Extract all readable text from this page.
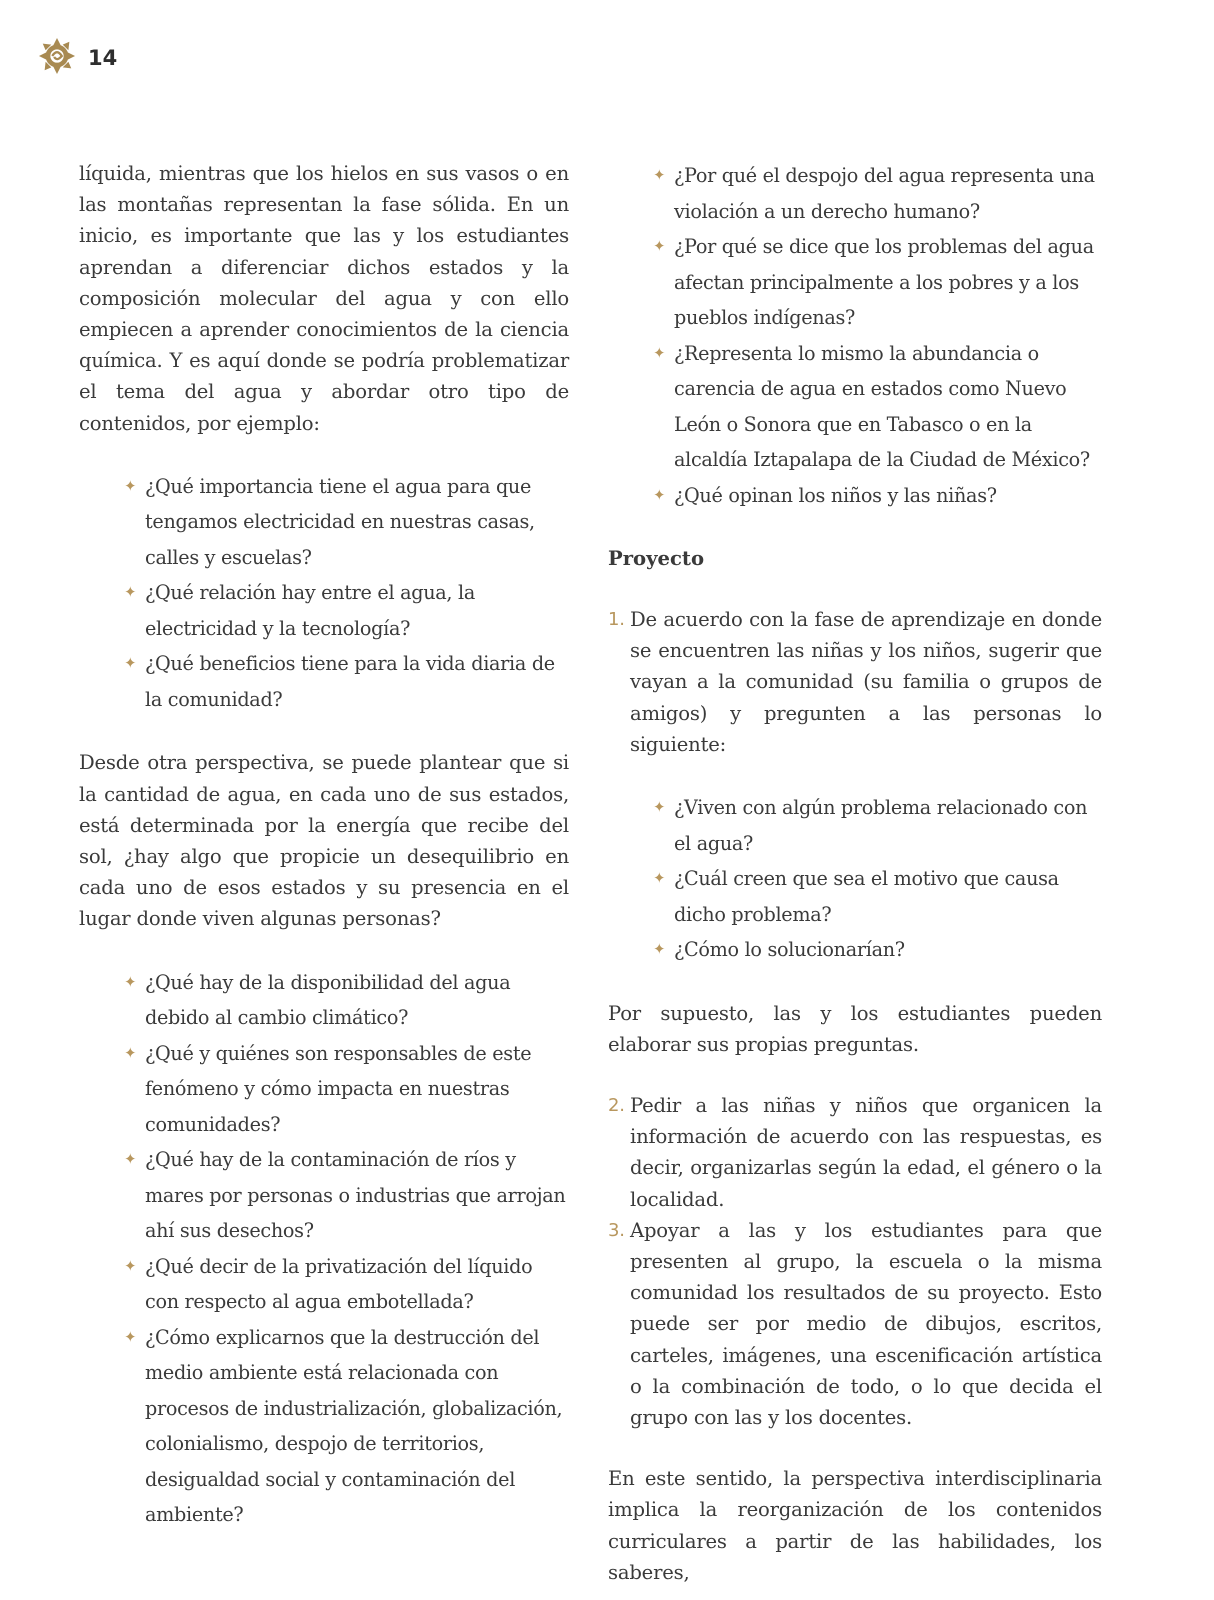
14

líquida, mientras que los hielos en sus vasos o en las montañas representan la fase sólida. En un inicio, es importante que las y los estudiantes aprendan a diferenciar dichos estados y la composición molecular del agua y con ello empiecen a aprender conocimientos de la ciencia química. Y es aquí donde se podría problematizar el tema del agua y abordar otro tipo de contenidos, por ejemplo:

✦ ¿Qué importancia tiene el agua para que tengamos electricidad en nuestras casas, calles y escuelas?
✦ ¿Qué relación hay entre el agua, la electricidad y la tecnología?
✦ ¿Qué beneficios tiene para la vida diaria de la comunidad?

Desde otra perspectiva, se puede plantear que si la cantidad de agua, en cada uno de sus estados, está determinada por la energía que recibe del sol, ¿hay algo que propicie un desequilibrio en cada uno de esos estados y su presencia en el lugar donde viven algunas personas?

✦ ¿Qué hay de la disponibilidad del agua debido al cambio climático?
✦ ¿Qué y quiénes son responsables de este fenómeno y cómo impacta en nuestras comunidades?
✦ ¿Qué hay de la contaminación de ríos y mares por personas o industrias que arrojan ahí sus desechos?
✦ ¿Qué decir de la privatización del líquido con respecto al agua embotellada?
✦ ¿Cómo explicarnos que la destrucción del medio ambiente está relacionada con procesos de industrialización, globalización, colonialismo, despojo de territorios, desigualdad social y contaminación del ambiente?
✦ ¿Por qué el despojo del agua representa una violación a un derecho humano?
✦ ¿Por qué se dice que los problemas del agua afectan principalmente a los pobres y a los pueblos indígenas?
✦ ¿Representa lo mismo la abundancia o carencia de agua en estados como Nuevo León o Sonora que en Tabasco o en la alcaldía Iztapalapa de la Ciudad de México?
✦ ¿Qué opinan los niños y las niñas?
Proyecto
1. De acuerdo con la fase de aprendizaje en donde se encuentren las niñas y los niños, sugerir que vayan a la comunidad (su familia o grupos de amigos) y pregunten a las personas lo siguiente:
✦ ¿Viven con algún problema relacionado con el agua?
✦ ¿Cuál creen que sea el motivo que causa dicho problema?
✦ ¿Cómo lo solucionarían?

Por supuesto, las y los estudiantes pueden elaborar sus propias preguntas.

2. Pedir a las niñas y niños que organicen la información de acuerdo con las respuestas, es decir, organizarlas según la edad, el género o la localidad.
3. Apoyar a las y los estudiantes para que presenten al grupo, la escuela o la misma comunidad los resultados de su proyecto. Esto puede ser por medio de dibujos, escritos, carteles, imágenes, una escenificación artística o la combinación de todo, o lo que decida el grupo con las y los docentes.

En este sentido, la perspectiva interdisciplinaria implica la reorganización de los contenidos curriculares a partir de las habilidades, los saberes,
